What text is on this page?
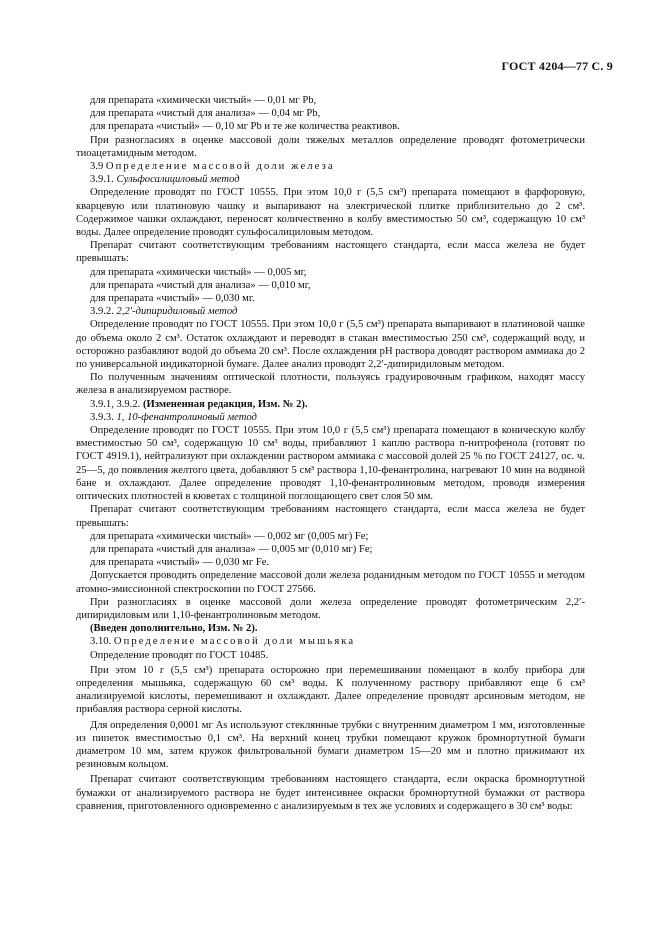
ГОСТ 4204—77 С. 9

для препарата «химически чистый» — 0,01 мг Pb,

для препарата «чистый для анализа» — 0,04 мг Pb,

для препарата «чистый» — 0,10 мг Pb и те же количества реактивов.

При разногласиях в оценке массовой доли тяжелых металлов определение проводят фотометрически тиоацетамидным методом.

3.9 Определение массовой доли железа

3.9.1. Сульфосалициловый метод

Определение проводят по ГОСТ 10555. При этом 10,0 г (5,5 см³) препарата помещают в фарфоровую, кварцевую или платиновую чашку и выпаривают на электрической плитке приблизительно до 2 см³. Содержимое чашки охлаждают, переносят количественно в колбу вместимостью 50 см³, содержащую 10 см³ воды. Далее определение проводят сульфосалициловым методом.

Препарат считают соответствующим требованиям настоящего стандарта, если масса железа не будет превышать:

для препарата «химически чистый» — 0,005 мг,

для препарата «чистый для анализа» — 0,010 мг,

для препарата «чистый» — 0,030 мг.

3.9.2. 2,2′-дипиридиловый метод

Определение проводят по ГОСТ 10555. При этом 10,0 г (5,5 см³) препарата выпаривают в платиновой чашке до объема около 2 см³. Остаток охлаждают и переводят в стакан вместимостью 250 см³, содержащий воду, и осторожно разбавляют водой до объема 20 см³. После охлаждения рН раствора доводят раствором аммиака до 2 по универсальной индикаторной бумаге. Далее анализ проводят 2,2′-дипиридиловым методом.

По полученным значениям оптической плотности, пользуясь градуировочным графиком, находят массу железа в анализируемом растворе.

3.9.1, 3.9.2. (Измененная редакция, Изм. № 2).

3.9.3. 1, 10-фенантролиновый метод

Определение проводят по ГОСТ 10555. При этом 10,0 г (5,5 см³) препарата помещают в коническую колбу вместимостью 50 см³, содержащую 10 см³ воды, прибавляют 1 каплю раствора n-нитрофенола (готовят по ГОСТ 4919.1), нейтрализуют при охлаждении раствором аммиака с массовой долей 25 % по ГОСТ 24127, ос. ч. 25—5, до появления желтого цвета, добавляют 5 см³ раствора 1,10-фенантролина, нагревают 10 мин на водяной бане и охлаждают. Далее определение проводят 1,10-фенантролиновым методом, проводя измерения оптических плотностей в кюветах с толщиной поглощающего свет слоя 50 мм.

Препарат считают соответствующим требованиям настоящего стандарта, если масса железа не будет превышать:

для препарата «химически чистый» — 0,002 мг (0,005 мг) Fe;

для препарата «чистый для анализа» — 0,005 мг (0,010 мг) Fe;

для препарата «чистый» — 0,030 мг Fe.

Допускается проводить определение массовой доли железа роданидным методом по ГОСТ 10555 и методом атомно-эмиссионной спектроскопии по ГОСТ 27566.

При разногласиях в оценке массовой доли железа определение проводят фотометрическим 2,2′-дипиридиловым или 1,10-фенантролиновым методом.

(Введен дополнительно, Изм. № 2).

3.10. Определение массовой доли мышьяка

Определение проводят по ГОСТ 10485.

При этом 10 г (5,5 см³) препарата осторожно при перемешивании помещают в колбу прибора для определения мышьяка, содержащую 60 см³ воды. К полученному раствору прибавляют еще 6 см³ анализируемой кислоты, перемешивают и охлаждают. Далее определение проводят арсиновым методом, не прибавляя раствора серной кислоты.

Для определения 0,0001 мг As используют стеклянные трубки с внутренним диаметром 1 мм, изготовленные из пипеток вместимостью 0,1 см³. На верхний конец трубки помещают кружок бромнортутной бумаги диаметром 10 мм, затем кружок фильтровальной бумаги диаметром 15—20 мм и плотно прижимают их резиновым кольцом.

Препарат считают соответствующим требованиям настоящего стандарта, если окраска бромнортутной бумажки от анализируемого раствора не будет интенсивнее окраски бромнортутной бумажки от раствора сравнения, приготовленного одновременно с анализируемым в тех же условиях и содержащего в 30 см³ воды:
